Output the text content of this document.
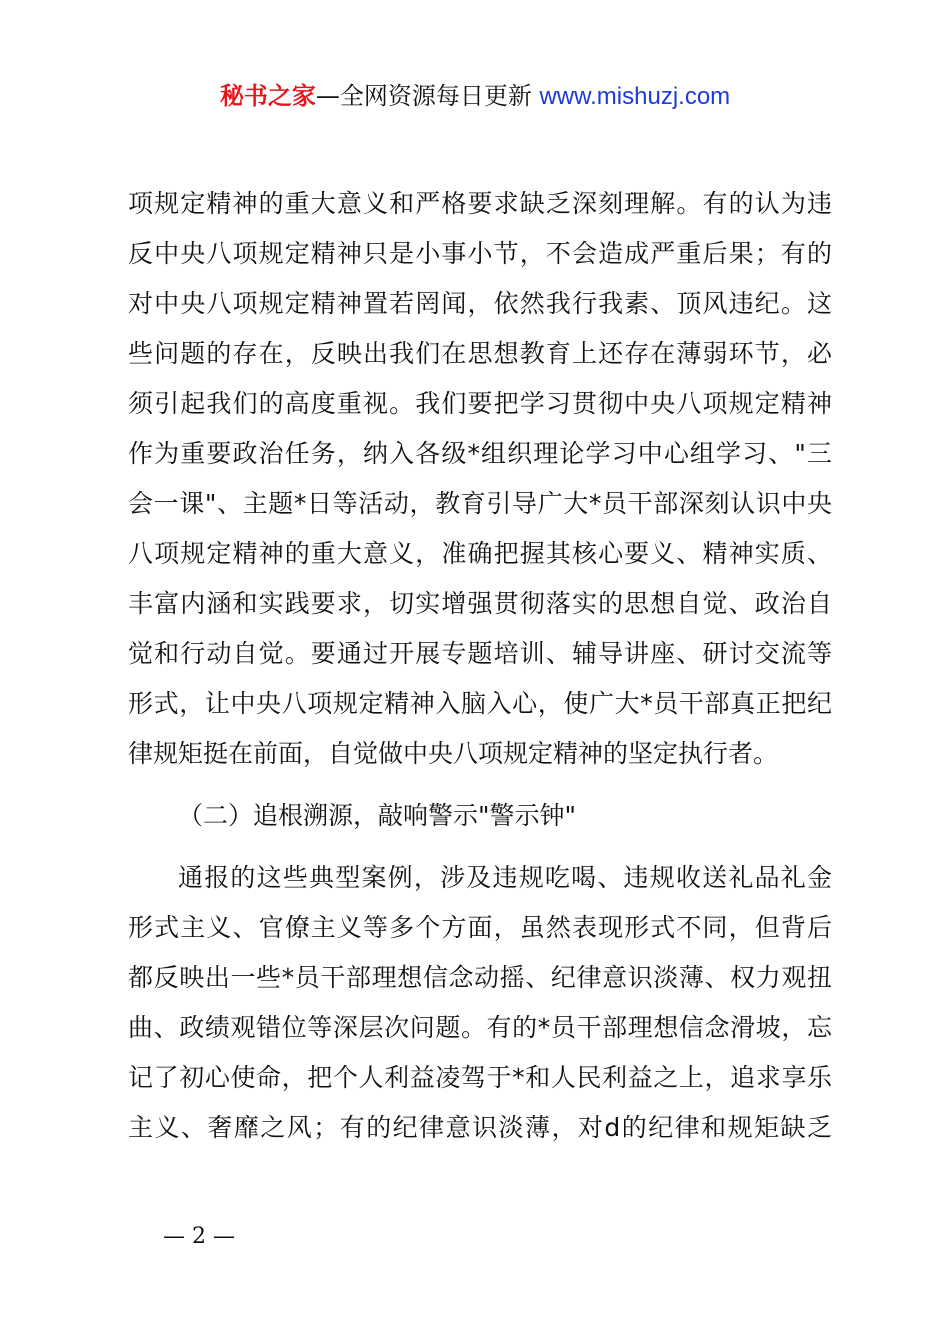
秘书之家—全网资源每日更新 www.mishuzj.com
项规定精神的重大意义和严格要求缺乏深刻理解。有的认为违
反中央八项规定精神只是小事小节，不会造成严重后果；有的
对中央八项规定精神置若罔闻，依然我行我素、顶风违纪。这
些问题的存在，反映出我们在思想教育上还存在薄弱环节，必
须引起我们的高度重视。我们要把学习贯彻中央八项规定精神
作为重要政治任务，纳入各级*组织理论学习中心组学习、"三
会一课"、主题*日等活动，教育引导广大*员干部深刻认识中央
八项规定精神的重大意义，准确把握其核心要义、精神实质、
丰富内涵和实践要求，切实增强贯彻落实的思想自觉、政治自
觉和行动自觉。要通过开展专题培训、辅导讲座、研讨交流等
形式，让中央八项规定精神入脑入心，使广大*员干部真正把纪
律规矩挺在前面，自觉做中央八项规定精神的坚定执行者。
（二）追根溯源，敲响警示"警示钟"
通报的这些典型案例，涉及违规吃喝、违规收送礼品礼金
形式主义、官僚主义等多个方面，虽然表现形式不同，但背后
都反映出一些*员干部理想信念动摇、纪律意识淡薄、权力观扭
曲、政绩观错位等深层次问题。有的*员干部理想信念滑坡，忘
记了初心使命，把个人利益凌驾于*和人民利益之上，追求享乐
主义、奢靡之风；有的纪律意识淡薄，对d的纪律和规矩缺乏
— 2 —
